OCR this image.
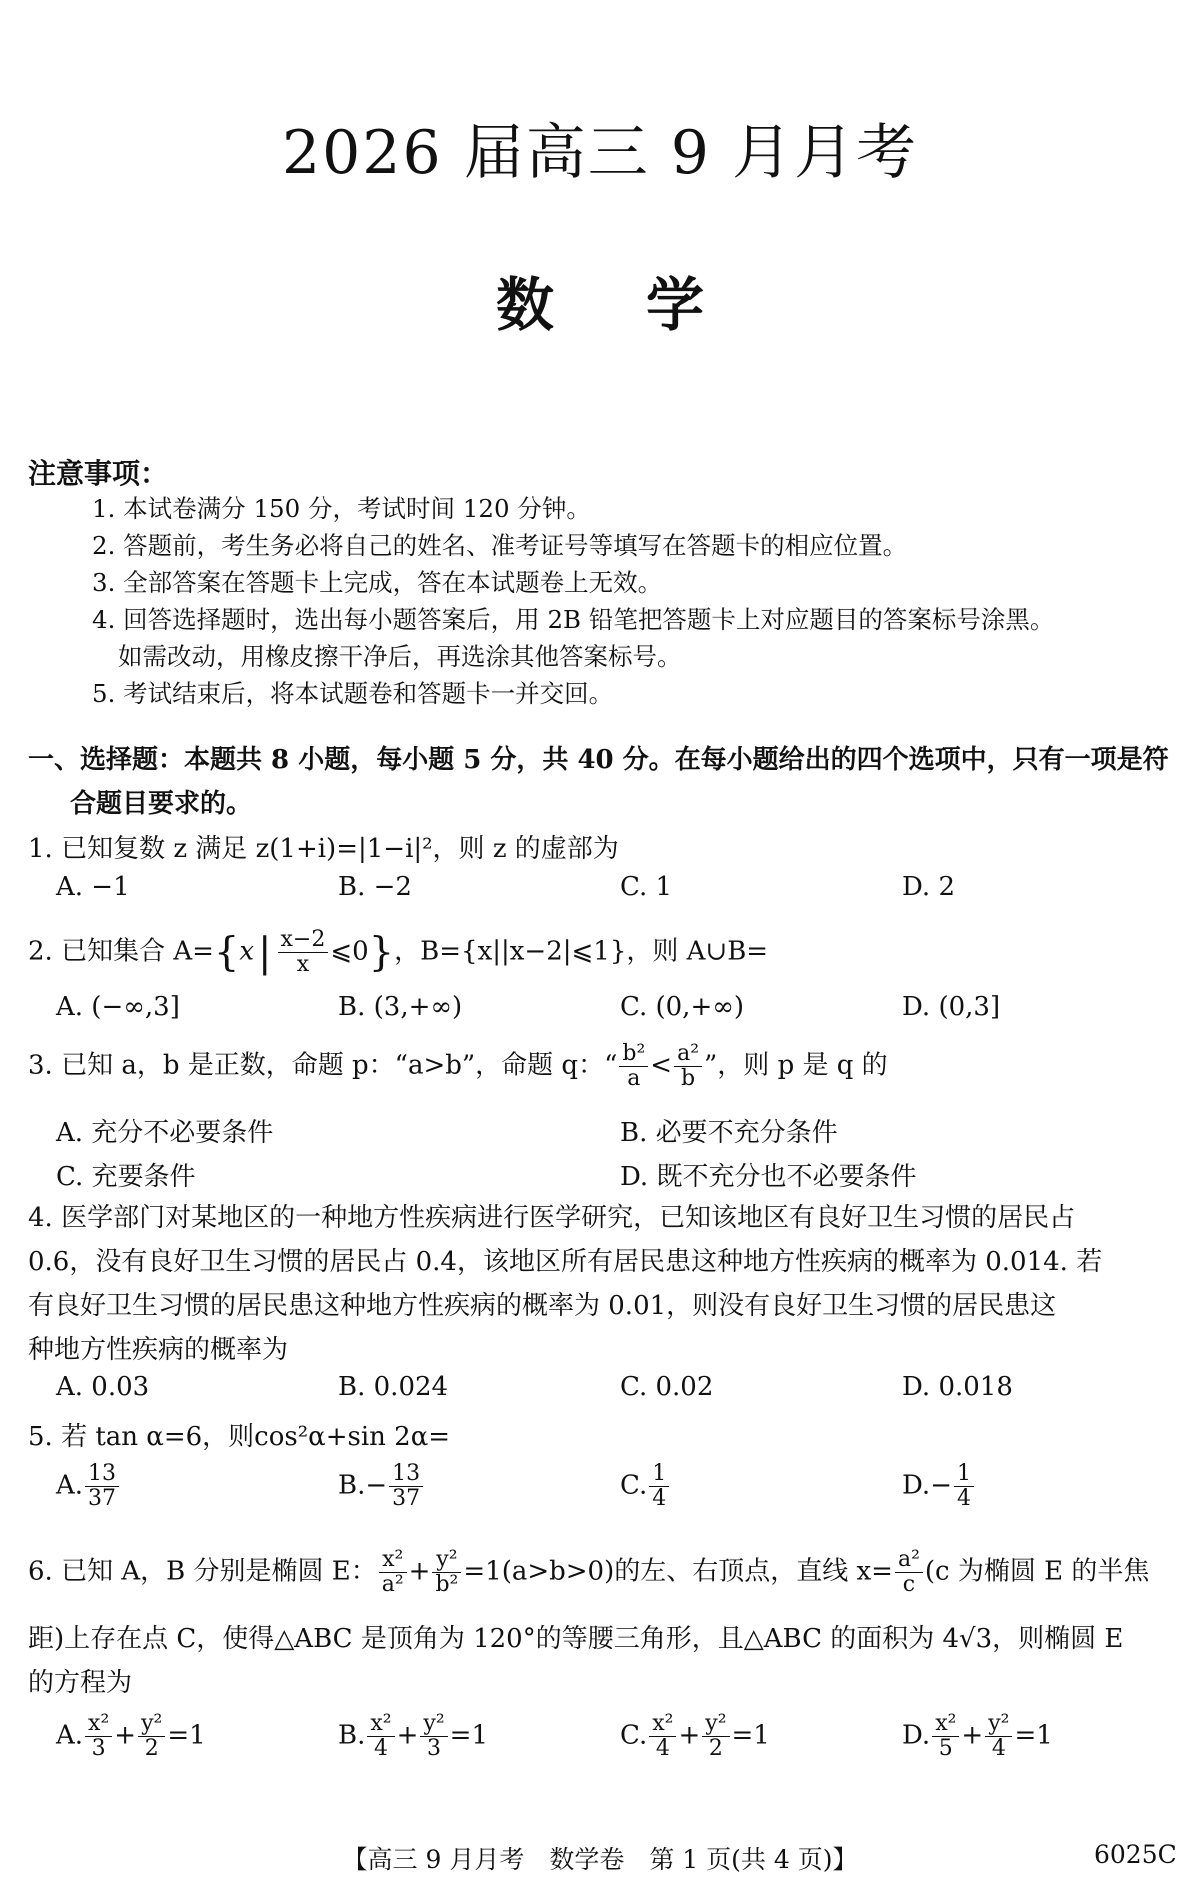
2026 届高三 9 月月考
数 学
注意事项：
1. 本试卷满分 150 分，考试时间 120 分钟。
2. 答题前，考生务必将自己的姓名、准考证号等填写在答题卡的相应位置。
3. 全部答案在答题卡上完成，答在本试题卷上无效。
4. 回答选择题时，选出每小题答案后，用 2B 铅笔把答题卡上对应题目的答案标号涂黑。
如需改动，用橡皮擦干净后，再选涂其他答案标号。
5. 考试结束后，将本试题卷和答题卡一并交回。
一、选择题：本题共 8 小题，每小题 5 分，共 40 分。在每小题给出的四个选项中，只有一项是符
合题目要求的。
1. 已知复数 z 满足 z(1+i)=|1−i|²，则 z 的虚部为
A. −1	B. −2	C. 1	D. 2
2. 已知集合 A={x | $\frac{x-2}{x}$ ⩽0}，B={x||x−2|⩽1}，则 A∪B=
A. (−∞,3]	B. (3,+∞)	C. (0,+∞)	D. (0,3]
3. 已知 a，b 是正数，命题 p：“a>b”，命题 q：“ $\frac{\text{b²}}{a} < \frac{\text{a²}}{b}$ ”，则 p 是 q 的
A. 充分不必要条件	B. 必要不充分条件
C. 充要条件	D. 既不充分也不必要条件
4. 医学部门对某地区的一种地方性疾病进行医学研究，已知该地区有良好卫生习惯的居民占
0.6，没有良好卫生习惯的居民占 0.4，该地区所有居民患这种地方性疾病的概率为 0.014. 若
有良好卫生习惯的居民患这种地方性疾病的概率为 0.01，则没有良好卫生习惯的居民患这
种地方性疾病的概率为
A. 0.03	B. 0.024	C. 0.02	D. 0.018
5. 若 tan α=6，则cos²α+sin 2α=
A. $\frac{13}{37}$	$B.- \frac{13}{37}$	C. $\frac{1}{4}$	$D.- \frac{1}{4}$
6. 已知 A，B 分别是椭圆 E： $\frac{\text{x²}}{\text{a²}} + \frac{\text{y²}}{\text{b²}} =1(a>b>0)$的左、右顶点，直线 $x= \frac{\text{a²}}{c} (c$ 为椭圆 E 的半焦
距)上存在点 C，使得△ABC 是顶角为 120°的等腰三角形，且△ABC 的面积为 4√3，则椭圆 E
的方程为
A. $\frac{\text{x²}}{3} + \frac{\text{y²}}{2} =1$	B. $\frac{\text{x²}}{4} + \frac{\text{y²}}{3} =1$	C. $\frac{\text{x²}}{4} + \frac{\text{y²}}{2} =1$	D. $\frac{\text{x²}}{5} + \frac{\text{y²}}{4} =1$
【高三 9 月月考　数学卷　第 1 页(共 4 页)】	6025C
